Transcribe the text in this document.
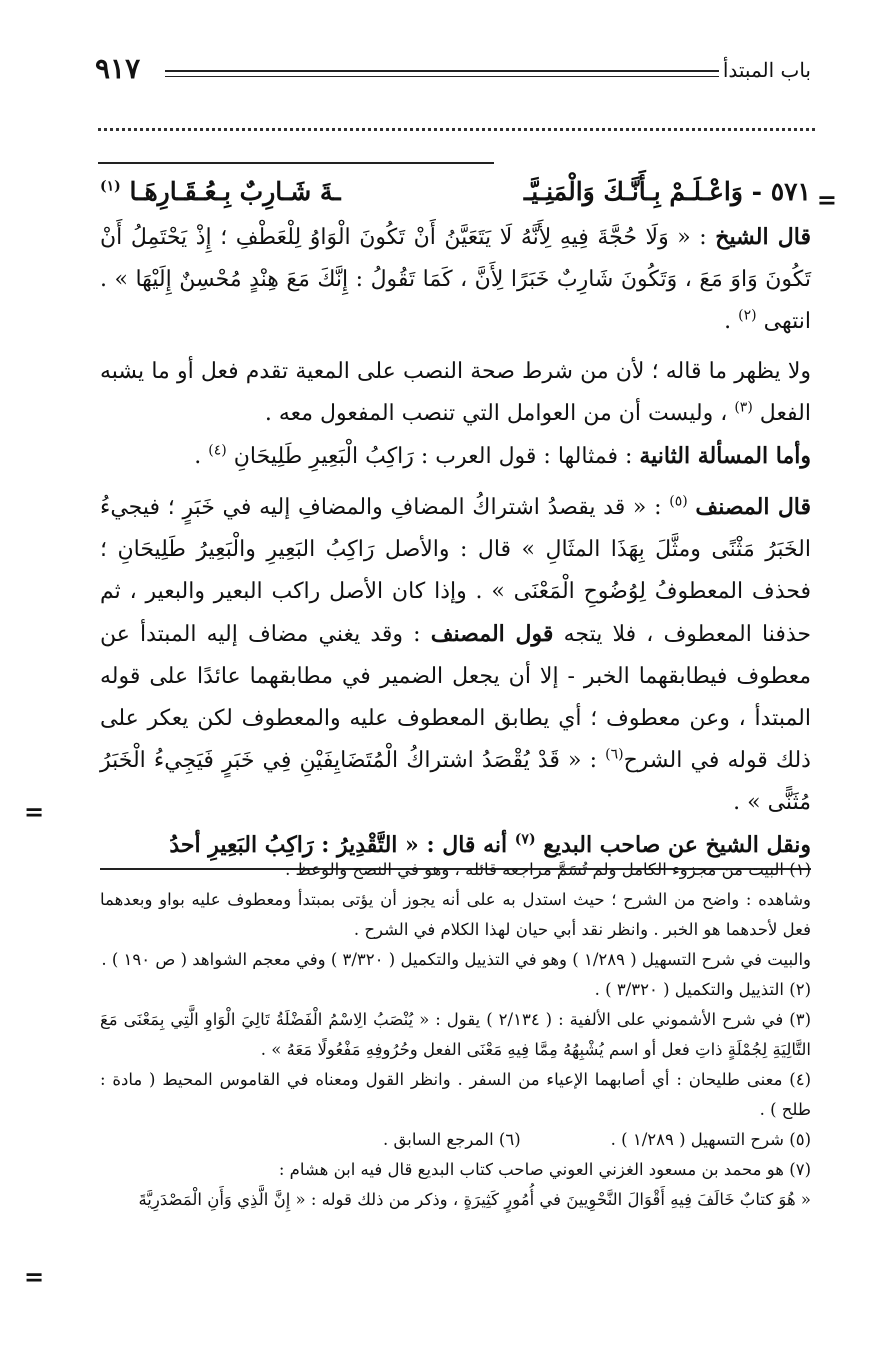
باب المبتدأ
٩١٧
=
=
=
٥٧١ - وَاعْـلَـمْ بِـأَنَّـكَ وَالْمَنِـيَّـ
ـةَ شَـارِبٌ بِـعُـقَـارِهَـا $^{(١)}$

قال الشيخ : « وَلَا حُجَّةَ فِيهِ لِأَنَّهُ لَا يَتَعَيَّنُ أَنْ تَكُونَ الْوَاوُ لِلْعَطْفِ ؛ إِذْ يَحْتَمِلُ أَنْ تَكُونَ وَاوَ مَعَ ، وَتَكُونَ شَارِبٌ خَبَرًا لِأَنَّ ، كَمَا تَقُولُ : إِنَّكَ مَعَ هِنْدٍ مُحْسِنٌ إِلَيْهَا » . انتهى $^{(٢)}$ .

ولا يظهر ما قاله ؛ لأن من شرط صحة النصب على المعية تقدم فعل أو ما يشبه الفعل $^{(٣)}$ ، وليست أن من العوامل التي تنصب المفعول معه .

وأما المسألة الثانية : فمثالها : قول العرب : رَاكِبُ الْبَعِيرِ طَلِيحَانِ $^{(٤)}$ .

قال المصنف $^{(٥)}$ : « قد يقصدُ اشتراكُ المضافِ والمضافِ إليه في خَبَرٍ ؛ فيجيءُ الخَبَرُ مَثْنًى ومثَّلَ بِهَذَا المثَالِ » قال : والأصل رَاكِبُ البَعِيرِ والْبَعِيرُ طَلِيحَانِ ؛ فحذف المعطوفُ لِوُضُوحِ الْمَعْنَى » . وإذا كان الأصل راكب البعير والبعير ، ثم حذفنا المعطوف ، فلا يتجه قول المصنف : وقد يغني مضاف إليه المبتدأ عن معطوف فيطابقهما الخبر - إلا أن يجعل الضمير في مطابقهما عائدًا على قوله المبتدأ ، وعن معطوف ؛ أي يطابق المعطوف عليه والمعطوف لكن يعكر على ذلك قوله في الشرح$^{(٦)}$ : « قَدْ يُقْصَدُ اشتراكُ الْمُتَضَايِفَيْنِ فِي خَبَرٍ فَيَجِيءُ الْخَبَرُ مُثَنًّى » .

ونقل الشيخ عن صاحب البديع $^{(٧)}$ أنه قال : « التَّقْدِيرُ : رَاكِبُ البَعِيرِ أحدُ

(١) البيت من مجزوء الكامل ولم تُسَمَّ مراجعه قائله ، وهو في النصح والوعظ .

وشاهده : واضح من الشرح ؛ حيث استدل به على أنه يجوز أن يؤتى بمبتدأ ومعطوف عليه بواو وبعدهما فعل لأحدهما هو الخبر . وانظر نقد أبي حيان لهذا الكلام في الشرح .

والبيت في شرح التسهيل ( ١/٢٨٩ ) وهو في التذييل والتكميل ( ٣/٣٢٠ ) وفي معجم الشواهد ( ص ١٩٠ ) .

(٢) التذييل والتكميل ( ٣/٣٢٠ ) .

(٣) في شرح الأشموني على الألفية : ( ٢/١٣٤ ) يقول : « يُنْصَبُ الِاسْمُ الْفَضْلَةُ تَالِيَ الْوَاوِ الَّتِي بِمَعْنَى مَعَ التَّالِيَةِ لِجُمْلَةٍ ذاتِ فعل أو اسم يُشْبِهُهُ مِمَّا فِيهِ مَعْنَى الفعل وحُرُوفِهِ مَفْعُولًا مَعَهُ » .

(٤) معنى طليحان : أي أصابهما الإعياء من السفر . وانظر القول ومعناه في القاموس المحيط ( مادة : طلح ) .

(٥) شرح التسهيل ( ١/٢٨٩ ) .
(٦) المرجع السابق .

(٧) هو محمد بن مسعود الغزني العوني صاحب كتاب البديع قال فيه ابن هشام :

« هُوَ كتابٌ خَالَفَ فِيهِ أَقْوَالَ النَّحْوِيينَ في أُمُورٍ كَثِيرَةٍ ، وذكر من ذلك قوله : « إِنَّ الَّذِي وَأَنِ الْمَصْدَرِيَّةَ
